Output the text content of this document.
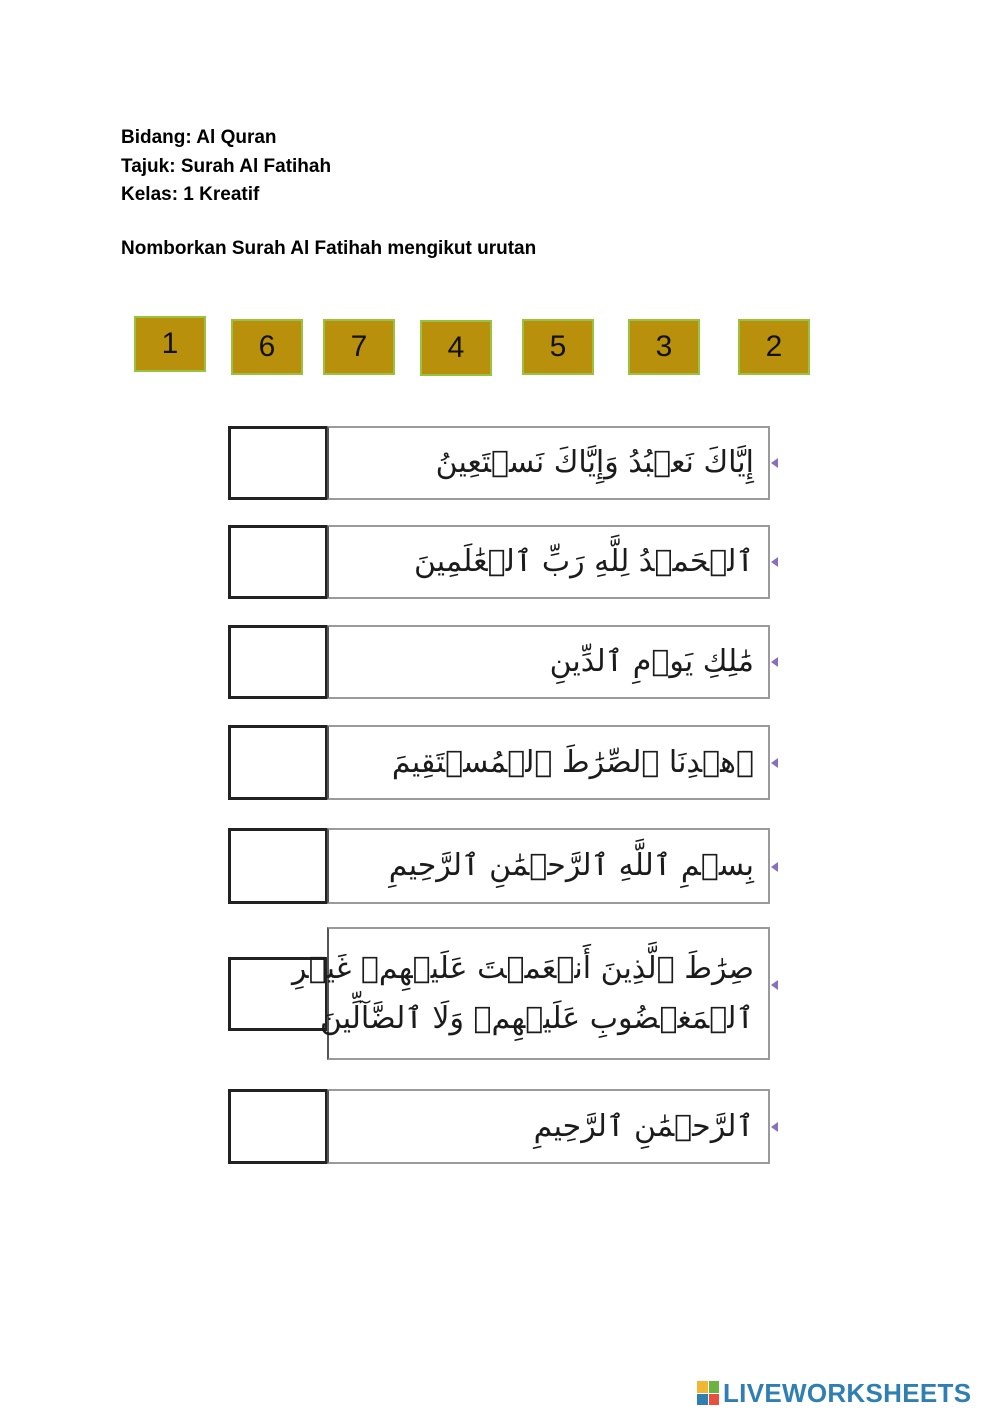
Bidang: Al Quran
Tajuk: Surah Al Fatihah
Kelas: 1 Kreatif
Nomborkan Surah Al Fatihah mengikut urutan
1	6	7	4	5	3	2
إِيَّاكَ نَعۡبُدُ وَإِيَّاكَ نَسۡتَعِينُ
ٱلۡحَمۡدُ لِلَّهِ رَبِّ ٱلۡعَٰلَمِينَ
مَٰلِكِ يَوۡمِ ٱلدِّينِ
ٱهۡدِنَا ٱلصِّرَٰطَ ٱلۡمُسۡتَقِيمَ
بِسۡمِ ٱللَّهِ ٱلرَّحۡمَٰنِ ٱلرَّحِيمِ
صِرَٰطَ ٱلَّذِينَ أَنۡعَمۡتَ عَلَيۡهِمۡ غَيۡرِ
ٱلۡمَغۡضُوبِ عَلَيۡهِمۡ وَلَا ٱلضَّآلِّينَ
ٱلرَّحۡمَٰنِ ٱلرَّحِيمِ
LIVEWORKSHEETS
